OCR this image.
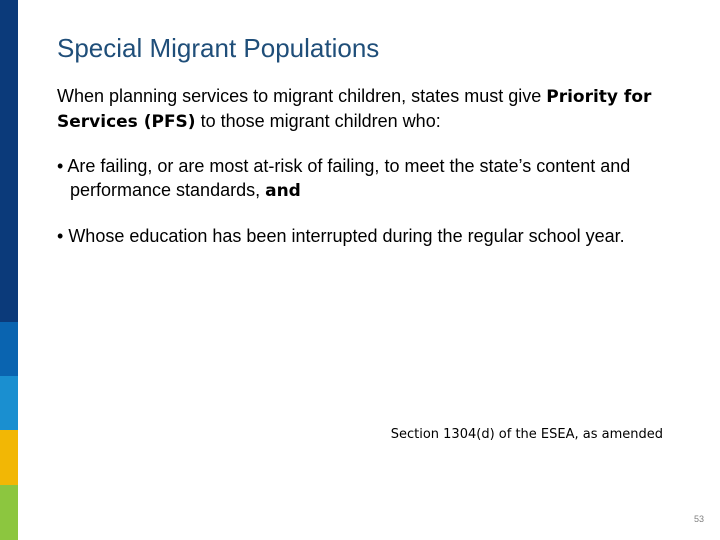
Special Migrant Populations

When planning services to migrant children, states must give Priority for Services (PFS) to those migrant children who:

• Are failing, or are most at-risk of failing, to meet the state’s content and performance standards, and

• Whose education has been interrupted during the regular school year.

Section 1304(d) of the ESEA, as amended
53
